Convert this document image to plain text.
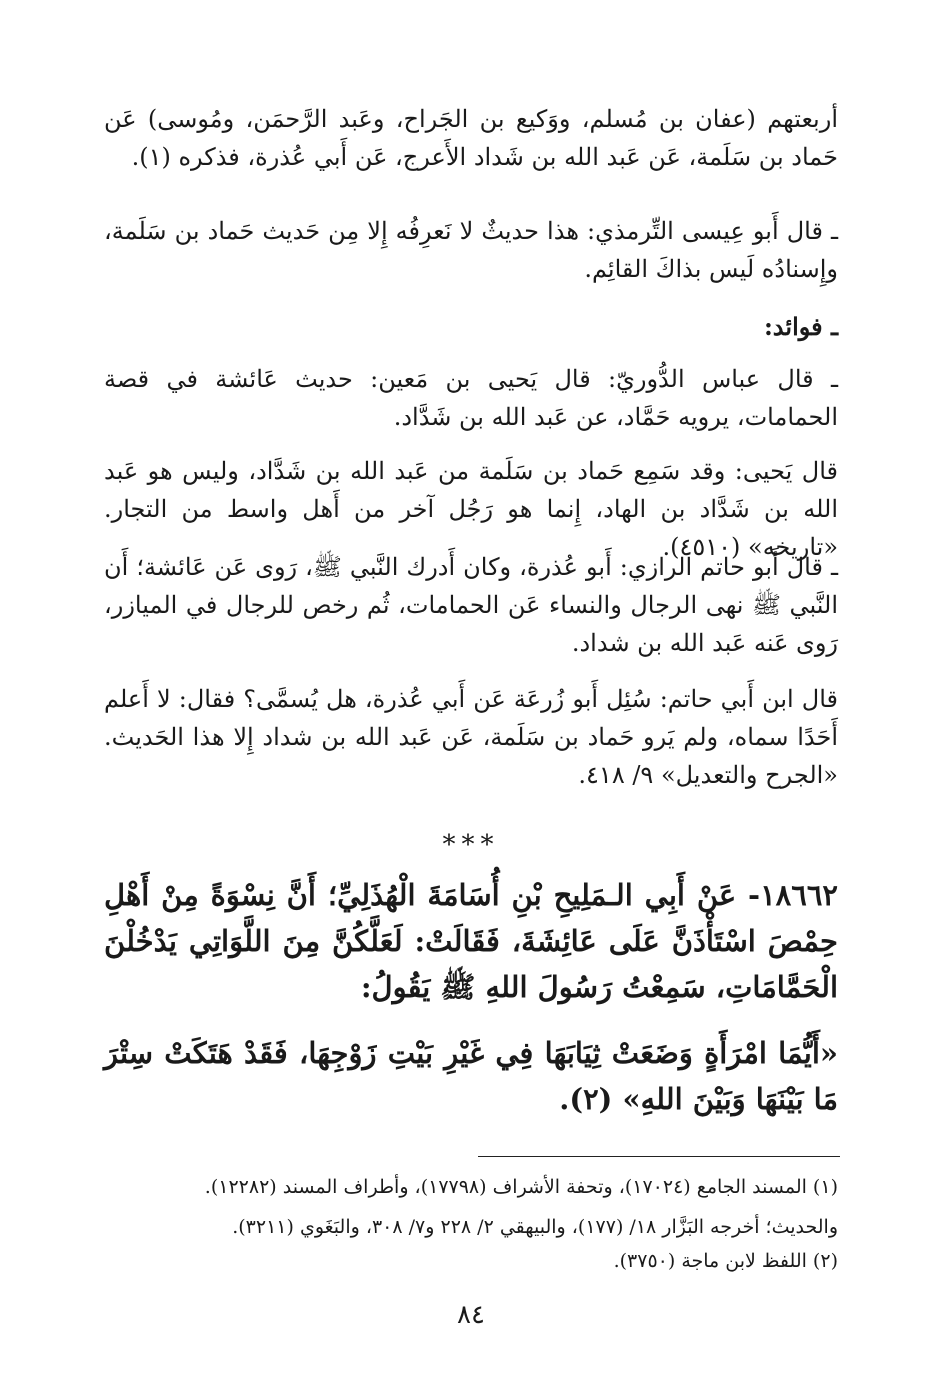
أربعتهم (عفان بن مُسلم، ووَكيع بن الجَراح، وعَبد الرَّحمَن، ومُوسى) عَن حَماد بن سَلَمة، عَن عَبد الله بن شَداد الأَعرج، عَن أَبي عُذرة، فذكره (١).

ـ قال أَبو عِيسى التِّرمذي: هذا حديثٌ لا نَعرِفُه إِلا مِن حَديث حَماد بن سَلَمة، وإِسنادُه لَيس بذاكَ القائِم.

ـ فوائد:

ـ قال عباس الدُّوريّ: قال يَحيى بن مَعين: حديث عَائشة في قصة الحمامات، يرويه حَمَّاد، عن عَبد الله بن شَدَّاد.

قال يَحيى: وقد سَمِع حَماد بن سَلَمة من عَبد الله بن شَدَّاد، وليس هو عَبد الله بن شَدَّاد بن الهاد، إِنما هو رَجُل آخر من أَهل واسط من التجار. «تاريخه» (٤٥١٠).

ـ قال أَبو حاتم الرازي: أَبو عُذرة، وكان أَدرك النَّبي ﷺ، رَوى عَن عَائشة؛ أَن النَّبي ﷺ نهى الرجال والنساء عَن الحمامات، ثُم رخص للرجال في الميازر، رَوى عَنه عَبد الله بن شداد.

قال ابن أَبي حاتم: سُئِل أَبو زُرعَة عَن أَبي عُذرة، هل يُسمَّى؟ فقال: لا أَعلم أَحَدًا سماه، ولم يَرو حَماد بن سَلَمة، عَن عَبد الله بن شداد إِلا هذا الحَديث. «الجرح والتعديل» ٩/ ٤١٨.

***

١٨٦٦٢- عَنْ أَبِي الـمَلِيحِ بْنِ أُسَامَةَ الْهُذَلِيِّ؛ أَنَّ نِسْوَةً مِنْ أَهْلِ حِمْصَ اسْتَأْذَنَّ عَلَى عَائِشَةَ، فَقَالَتْ: لَعَلَّكُنَّ مِنَ اللَّوَاتِي يَدْخُلْنَ الْحَمَّامَاتِ، سَمِعْتُ رَسُولَ اللهِ ﷺ يَقُولُ:

«أَيُّمَا امْرَأَةٍ وَضَعَتْ ثِيَابَهَا فِي غَيْرِ بَيْتِ زَوْجِهَا، فَقَدْ هَتَكَتْ سِتْرَ مَا بَيْنَهَا وَبَيْنَ اللهِ» (٢).

(١) المسند الجامع (١٧٠٢٤)، وتحفة الأشراف (١٧٧٩٨)، وأطراف المسند (١٢٢٨٢).

والحديث؛ أخرجه البَزَّار ١٨/ (١٧٧)، والبيهقي ٢/ ٢٢٨ و٧/ ٣٠٨، والبَغَوي (٣٢١١).

(٢) اللفظ لابن ماجة (٣٧٥٠).

٨٤
